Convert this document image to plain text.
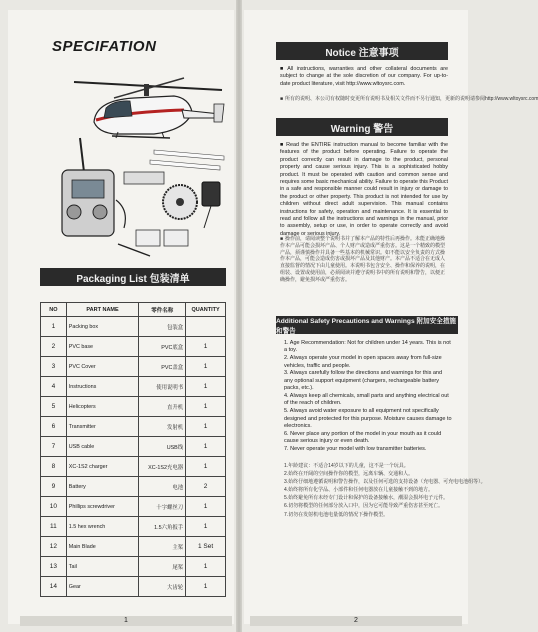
SPECIFATION
Packaging List 包装清单
NO	PART NAME	零件名称	QUANTITY
1	Packing box	包装盒	
2	PVC base	PVC底盒	1
3	PVC Cover	PVC盖盒	1
4	Instructions	使用说明书	1
5	Helicopters	直升机	1
6	Transmitter	发射机	1
7	USB cable	USB线	1
8	XC-1S2 charger	XC-1S2充电器	1
9	Battery	电池	2
10	Phillips screwdriver	十字螺丝刀	1
11	1.5 hex wrench	1.5六角扳手	1
12	Main Blade	主桨	1 Set
13	Tail	尾桨	1
14	Gear	大齿轮	1
1
Notice 注意事项
■ All instructions, warranties and other collateral documents are subject to change at the sole discretion of our company. For up-to-date product literature, visit http://www.wltoysrc.com.
■ 所有的说明、本公司有权随时变更所有说明书及相关文件而不另行通知，更新的说明请参阅http://www.wltoysrc.com
Warning 警告
■ Read the ENTIRE instruction manual to become familiar with the features of the product before operating. Failure to operate the product correctly can result in damage to the product, personal property and cause serious injury. This is a sophisticated hobby product. It must be operated with caution and common sense and requires some basic mechanical ability. Failure to operate this Product in a safe and responsible manner could result in injury or damage to the product or other property. This product is not intended for use by children without direct adult supervision. This manual contains instructions for safety, operation and maintenance. It is essential to read and follow all the instructions and warnings in the manual, prior to assembly, setup or use, in order to operate correctly and avoid damage or serious injury.
■ 操作前，请阅读整个说明书并了解本产品的特性后再操作。未能正确地操作本产品可能会损坏产品、个人财产或造成严重伤害。这是一个精致的模型产品，须谨慎操作并具备一些基本的机械常识。如不能以安全负责的方式操作本产品，可能会造成伤害或损坏产品及其他财产。本产品不适合在无成人直接监督的情况下由儿童使用。本说明书包含安全、操作和保养的说明，在组装、设置或使用前，必须阅读并遵守说明书中的所有说明和警告，以便正确操作，避免损坏或严重伤害。
Additional Safety Precautions and Warnings 附加安全措施和警告
1. Age Recommendation: Not for children under 14 years. This is not a toy.
2. Always operate your model in open spaces away from full-size vehicles, traffic and people.
3. Always carefully follow the directions and warnings for this and any optional support equipment (chargers, rechargeable battery packs, etc.).
4. Always keep all chemicals, small parts and anything electrical out of the reach of children.
5. Always avoid water exposure to all equipment not specifically designed and protected for this purpose. Moisture causes damage to electronics.
6. Never place any portion of the model in your mouth as it could cause serious injury or even death.
7. Never operate your model with low transmitter batteries.
1.年龄建议：不适合14岁以下的儿童，这不是一个玩具。
2.始终在开阔的空间操作你的模型，远离车辆、交通和人。
3.始终仔细地遵循说明和警告操作，以及任何可选的支持设备（充电器、可充电电池组等）。
4.始终将所有化学品、小部件和任何电器放在儿童接触不到的地方。
5.始终避免所有未经专门设计和保护的设备接触水，潮湿会损坏电子元件。
6.切勿将模型的任何部分放入口中，因为它可能导致严重伤害甚至死亡。
7.切勿在发射机电池电量低的情况下操作模型。
2
